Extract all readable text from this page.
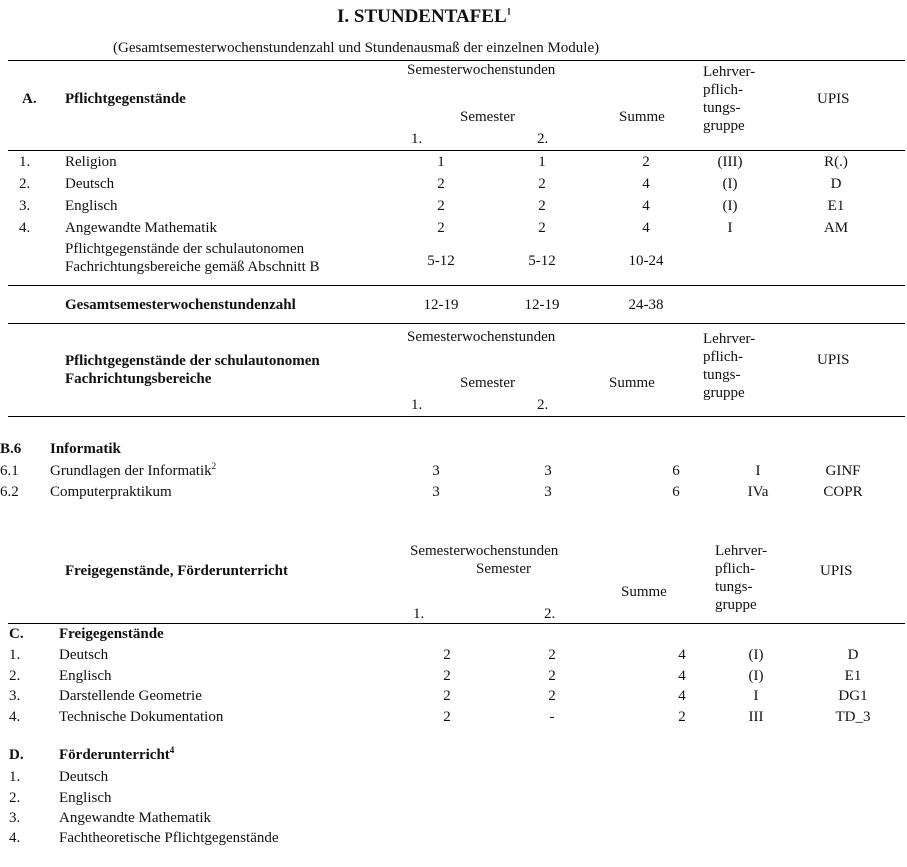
I. STUNDENTAFEL$^1$
(Gesamtsemesterwochenstundenzahl und Stundenausmaß der einzelnen Module)
Semesterwochenstunden	Lehrver-
pflich-
tungs-
gruppe
UPIS
A. Pflichtgegenstände
Semester	Summe
1.	2.
1. Religion	1	1	2	(III)	R(.)
2. Deutsch	2	2	4	(I)	D
3. Englisch	2	2	4	(I)	E1
4. Angewandte Mathematik	2	2	4	I	AM
Pflichtgegenstände der schulautonomen
Fachrichtungsbereiche gemäß Abschnitt B	5-12	5-12	10-24
Gesamtsemesterwochenstundenzahl	12-19	12-19	24-38
Semesterwochenstunden	Lehrver-
pflich-
tungs-
gruppe
UPIS
Pflichtgegenstände der schulautonomen
Fachrichtungsbereiche	Semester	Summe
1.	2.
B.6 Informatik
6.1 Grundlagen der Informatik$^2$	3	3	6	I	GINF
6.2 Computerpraktikum	3	3	6	IVa	COPR
Semesterwochenstunden	Lehrver-
pflich-
tungs-
gruppe
Semester	UPIS
Freigegenstände, Förderunterricht
Summe
1.	2.
C. Freigegenstände
1.	Deutsch	2	2	4	(I)	D
2.	Englisch	2	2	4	(I)	E1
3.	Darstellende Geometrie	2	2	4	I	DG1
4.	Technische Dokumentation	2	-	2	III	TD_3
D. Förderunterricht$^4$
1.	Deutsch
2.	Englisch
3.	Angewandte Mathematik
4.	Fachtheoretische Pflichtgegenstände
